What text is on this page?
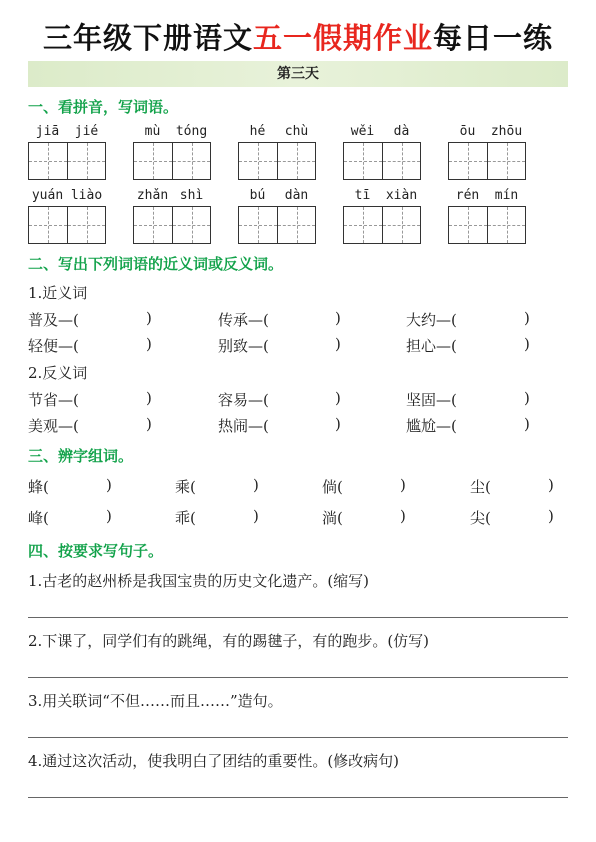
三年级下册语文五一假期作业每日一练
第三天
一、看拼音，写词语。
jiā	jié	mù	tóng	hé	chù	wěi	dà	ōu	zhōu
yuán liào	zhǎn shì	bú	dàn	tī	xiàn	rén	mín
二、写出下列词语的近义词或反义词。
1.近义词
普及—(	)	传承—(	)	大约—(	)
轻便—(	)	别致—(	)	担心—(	)
2.反义词
节省—(	)	容易—(	)	坚固—(	)
美观—(	)	热闹—(	)	尴尬—(	)
三、辨字组词。
蜂(	)	乘(	)	倘(	)	尘(	)
峰(	)	乖(	)	淌(	)	尖(	)
四、按要求写句子。
1.古老的赵州桥是我国宝贵的历史文化遗产。(缩写)
2.下课了，同学们有的跳绳，有的踢毽子，有的跑步。(仿写)
3.用关联词“不但……而且……”造句。
4.通过这次活动，使我明白了团结的重要性。(修改病句)
